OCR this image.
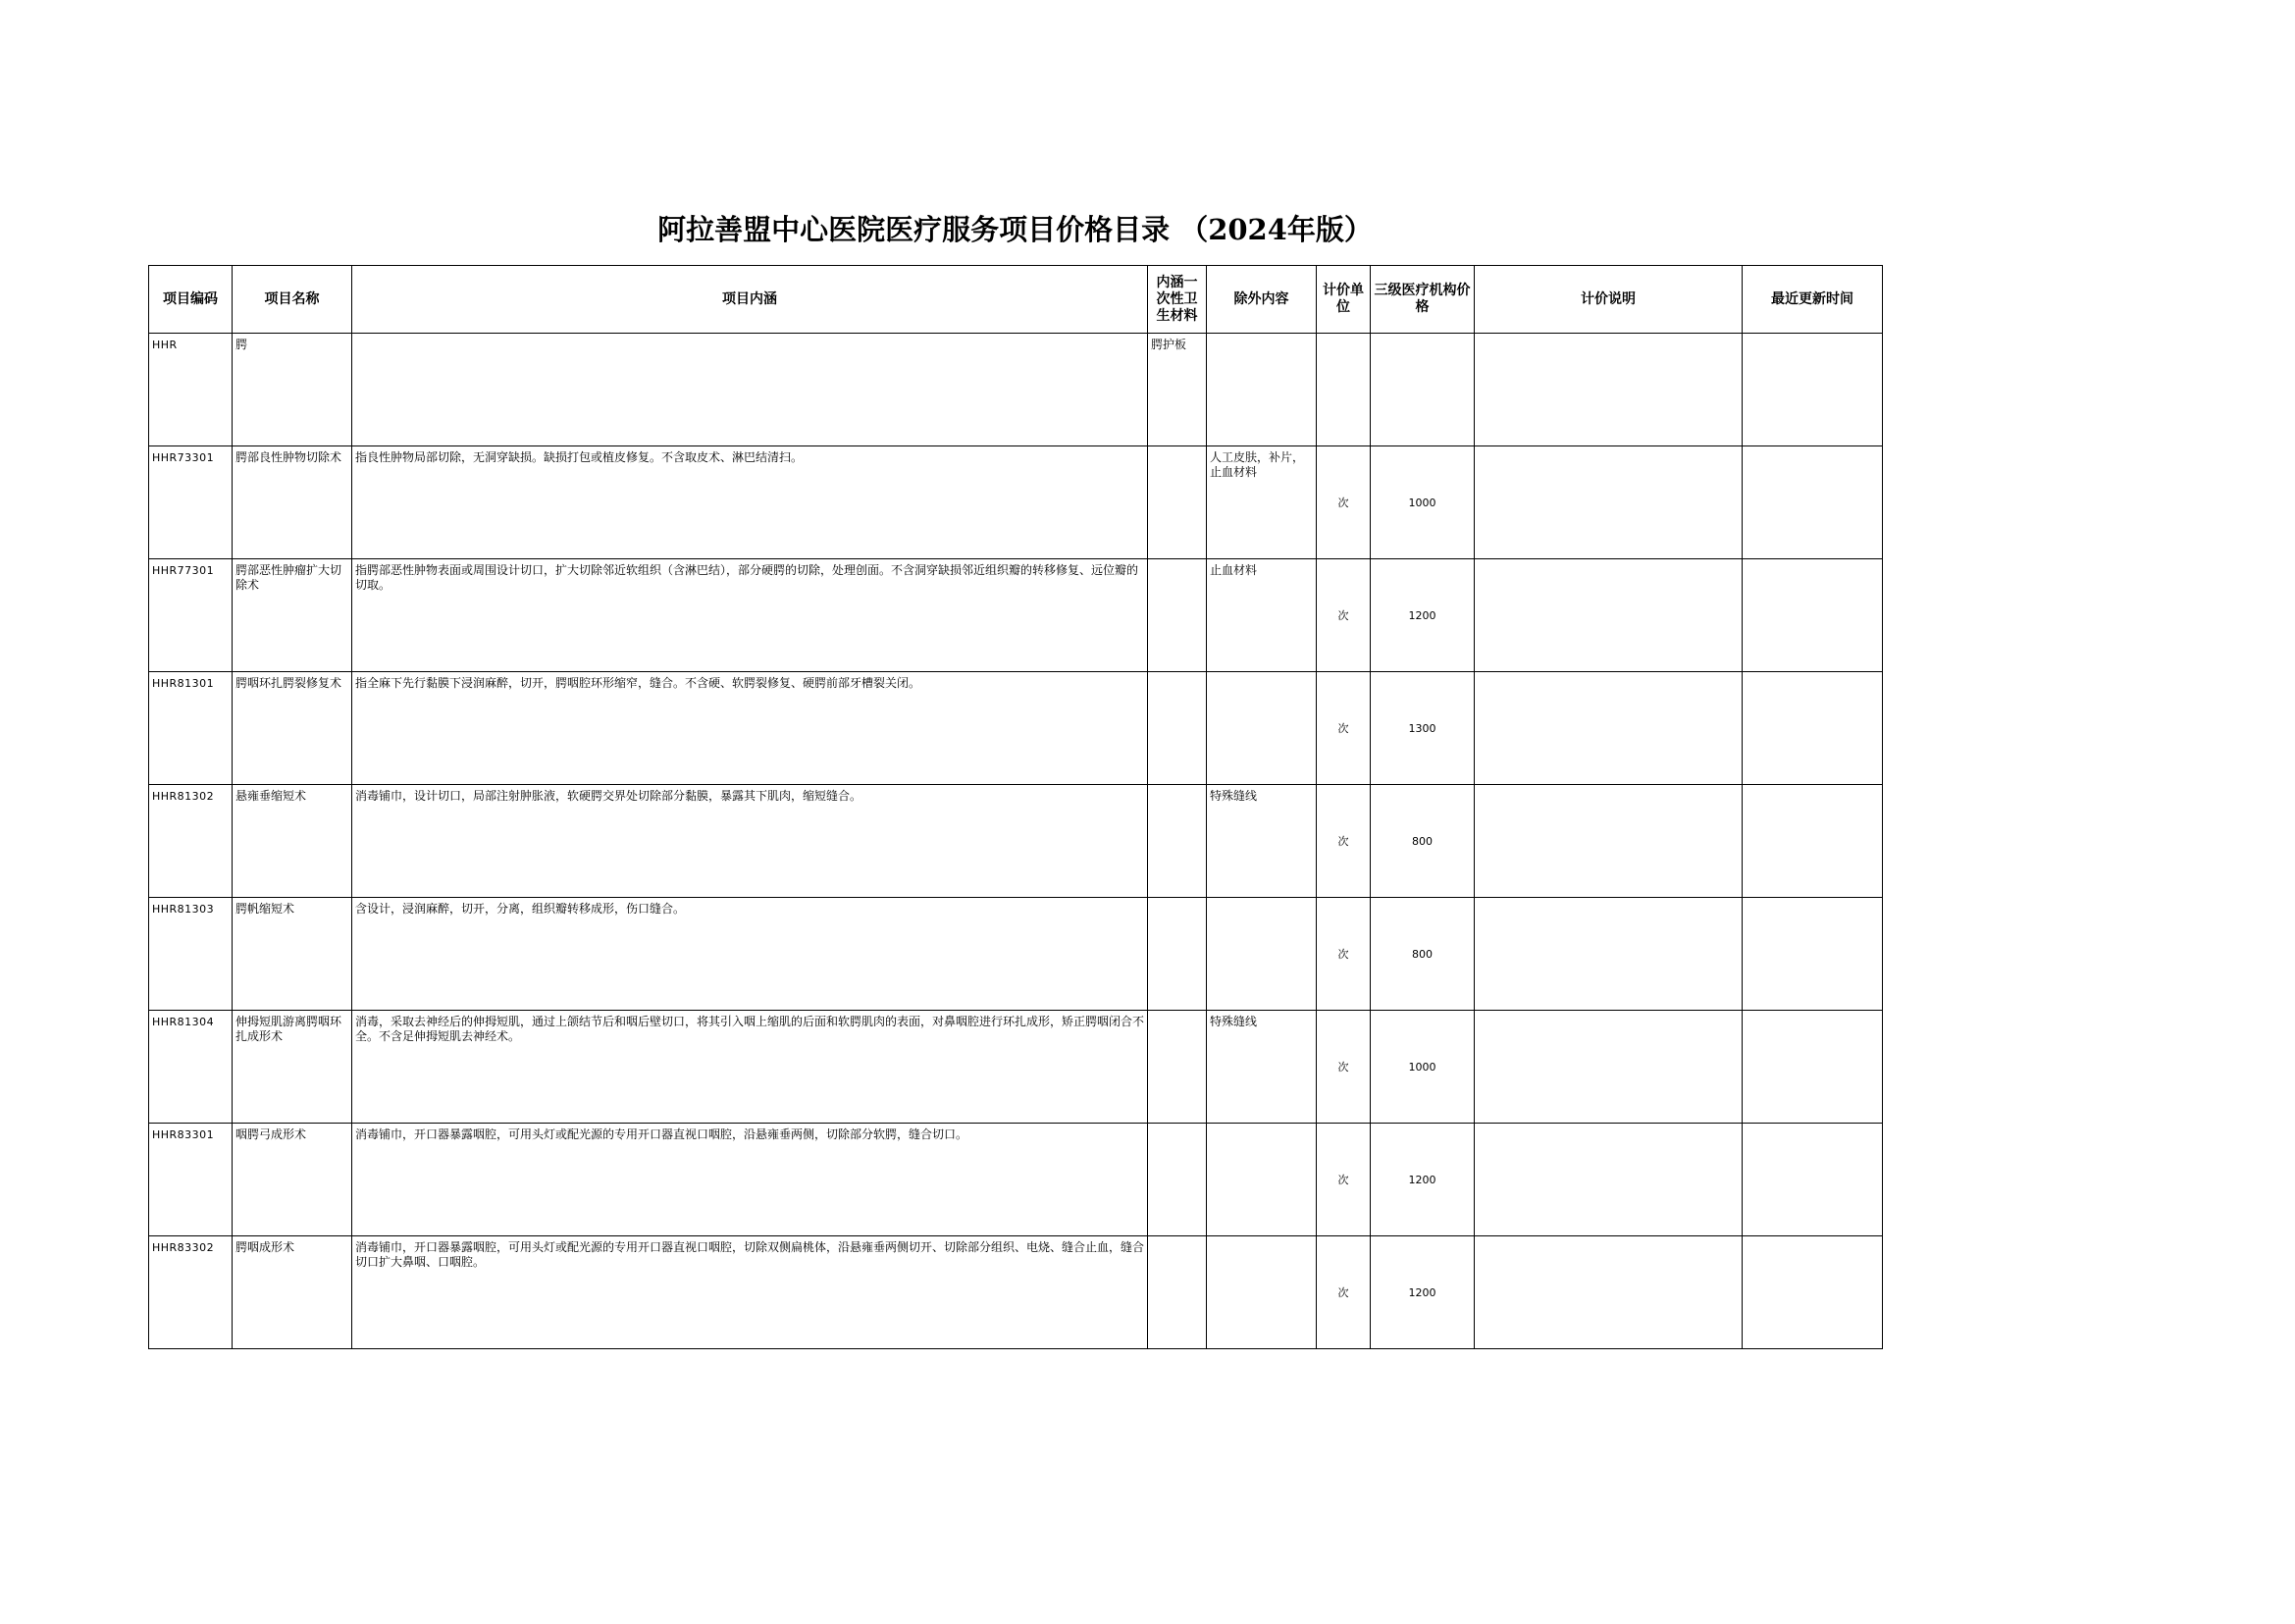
阿拉善盟中心医院医疗服务项目价格目录 （2024年版）
项目编码	项目名称	项目内涵	内涵一次性卫生材料	除外内容	计价单位	三级医疗机构价格	计价说明	最近更新时间
HHR	腭		腭护板					
HHR73301	腭部良性肿物切除术	指良性肿物局部切除，无洞穿缺损。缺损打包或植皮修复。不含取皮术、淋巴结清扫。		人工皮肤，补片，止血材料	次	1000		
HHR77301	腭部恶性肿瘤扩大切除术	指腭部恶性肿物表面或周围设计切口，扩大切除邻近软组织（含淋巴结），部分硬腭的切除，处理创面。不含洞穿缺损邻近组织瓣的转移修复、远位瓣的切取。		止血材料	次	1200		
HHR81301	腭咽环扎腭裂修复术	指全麻下先行黏膜下浸润麻醉，切开，腭咽腔环形缩窄，缝合。不含硬、软腭裂修复、硬腭前部牙槽裂关闭。			次	1300		
HHR81302	悬雍垂缩短术	消毒铺巾，设计切口，局部注射肿胀液，软硬腭交界处切除部分黏膜，暴露其下肌肉，缩短缝合。		特殊缝线	次	800		
HHR81303	腭帆缩短术	含设计，浸润麻醉，切开，分离，组织瓣转移成形，伤口缝合。			次	800		
HHR81304	伸拇短肌游离腭咽环扎成形术	消毒，采取去神经后的伸拇短肌，通过上颌结节后和咽后壁切口，将其引入咽上缩肌的后面和软腭肌肉的表面，对鼻咽腔进行环扎成形，矫正腭咽闭合不全。不含足伸拇短肌去神经术。		特殊缝线	次	1000		
HHR83301	咽腭弓成形术	消毒铺巾，开口器暴露咽腔，可用头灯或配光源的专用开口器直视口咽腔，沿悬雍垂两侧，切除部分软腭，缝合切口。			次	1200		
HHR83302	腭咽成形术	消毒铺巾，开口器暴露咽腔，可用头灯或配光源的专用开口器直视口咽腔，切除双侧扁桃体，沿悬雍垂两侧切开、切除部分组织、电烧、缝合止血，缝合切口扩大鼻咽、口咽腔。			次	1200		
